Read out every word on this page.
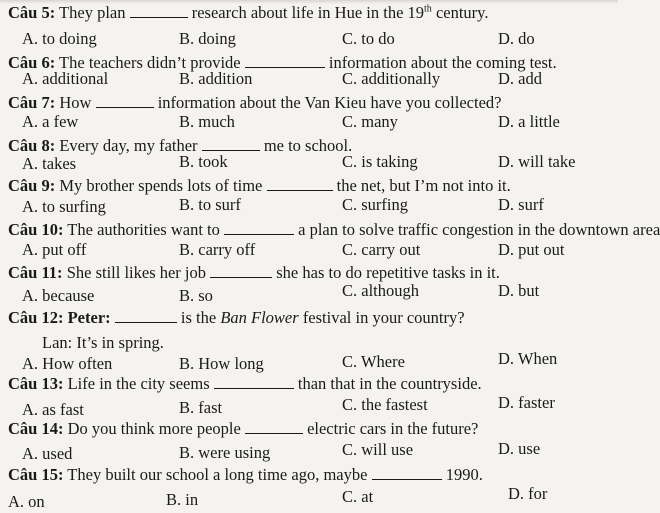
Câu 5: They plan	research about life in Hue in the 19th century.
A. to doing	B. doing	C. to do	D. do
Câu 6: The teachers didn’t provide	information about the coming test.
A. additional	B. addition	C. additionally	D. add
Câu 7: How	information about the Van Kieu have you collected?
A. a few	B. much	C. many	D. a little
Câu 8: Every day, my father	me to school.
A. takes	B. took	C. is taking	D. will take
Câu 9: My brother spends lots of time	the net, but I’m not into it.
A. to surfing	B. to surf	C. surfing	D. surf
Câu 10: The authorities want to	a plan to solve traffic congestion in the downtown area
A. put off	B. carry off	C. carry out	D. put out
Câu 11: She still likes her job	she has to do repetitive tasks in it.
A. because	B. so	C. although	D. but
Câu 12: Peter:	is the Ban Flower festival in your country?
Lan: It’s in spring.
A. How often	B. How long	C. Where	D. When
Câu 13: Life in the city seems	than that in the countryside.
A. as fast	B. fast	C. the fastest	D. faster
Câu 14: Do you think more people	electric cars in the future?
A. used	B. were using	C. will use	D. use
Câu 15: They built our school a long time ago, maybe	1990.
A. on	B. in	C. at	D. for
